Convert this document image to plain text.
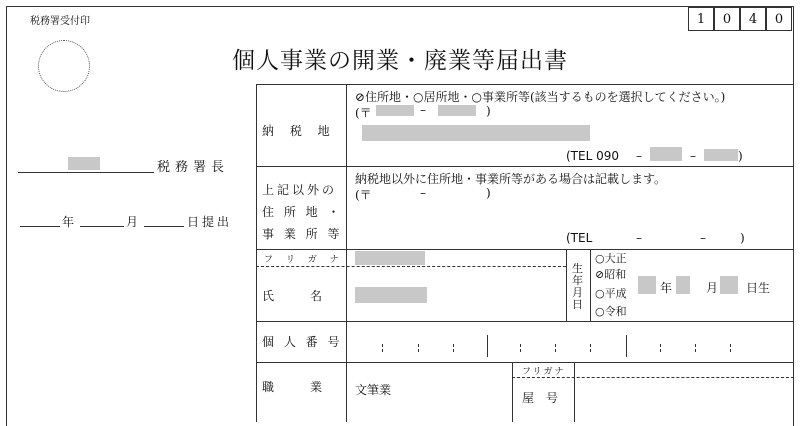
税務署受付印	1	0	4	0
個人事業の開業・廃業等届出書
税務署長
年	月	日提出
納 税 地
⊘住所地・○居所地・○事業所等(該当するものを選択してください。)
(〒	–	)
(TEL 090 –	–	)
上記以外の
住 所 地 ・
事 業 所 等
納税地以外に住所地・事業所等がある場合は記載します。
(〒	–	)
(TEL	–	–	)
フ リ ガ ナ
氏　　　名
生
年
月
日
○大正
⊘昭和
○平成
○令和
年	月 日生
個 人 番 号
職　　　業	文筆業
フリガナ
屋　号
